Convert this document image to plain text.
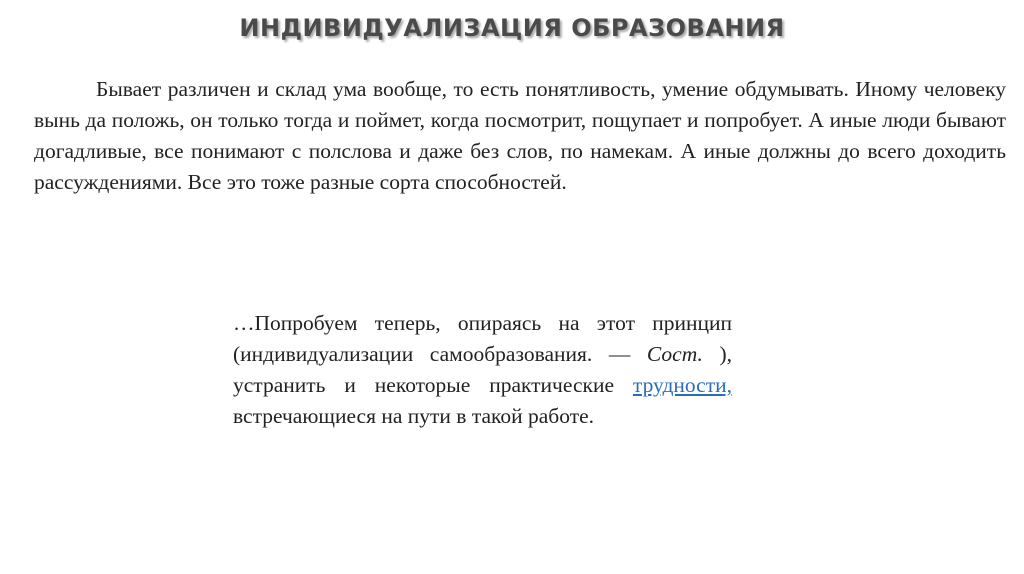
ИНДИВИДУАЛИЗАЦИЯ ОБРАЗОВАНИЯ

Бывает различен и склад ума вообще, то есть понятливость, умение обдумывать. Иному человеку вынь да положь, он только тогда и поймет, когда посмотрит, пощупает и попробует. А иные люди бывают догадливые, все понимают с полслова и даже без слов, по намекам. А иные должны до всего доходить рассуждениями. Все это тоже разные сорта способностей.

…Попробуем теперь, опираясь на этот принцип (индивидуализации самообразования. — Сост. ), устранить и некоторые практические трудности, встречающиеся на пути в такой работе.
